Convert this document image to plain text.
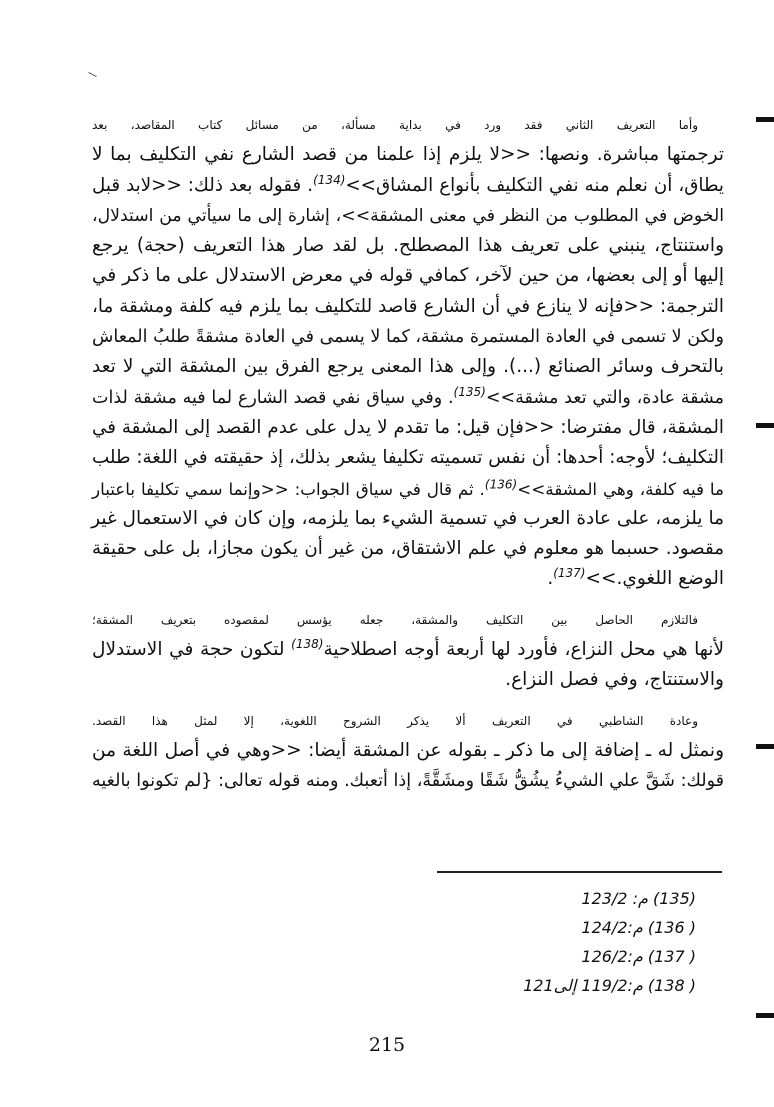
وأما التعريف الثاني فقد ورد في بداية مسألة، من مسائل كتاب المقاصد، بعد
ترجمتها مباشرة. ونصها: <<لا يلزم إذا علمنا من قصد الشارع نفي التكليف بما لا
يطاق، أن نعلم منه نفي التكليف بأنواع المشاق>>$^{(134)}$. فقوله بعد ذلك: <<لابد قبل
الخوض في المطلوب من النظر في معنى المشقة>>، إشارة إلى ما سيأتي من استدلال،
واستنتاج، ينبني على تعريف هذا المصطلح. بل لقد صار هذا التعريف (حجة) يرجع
إليها أو إلى بعضها، من حين لآخر، كمافي قوله في معرض الاستدلال على ما ذكر في
الترجمة: <<فإنه لا ينازع في أن الشارع قاصد للتكليف بما يلزم فيه كلفة ومشقة ما،
ولكن لا تسمى في العادة المستمرة مشقة، كما لا يسمى في العادة مشقةً طلبُ المعاش
بالتحرف وسائر الصنائع (...). وإلى هذا المعنى يرجع الفرق بين المشقة التي لا تعد
مشقة عادة، والتي تعد مشقة>>$^{(135)}$. وفي سياق نفي قصد الشارع لما فيه مشقة لذات
المشقة، قال مفترضا: <<فإن قيل: ما تقدم لا يدل على عدم القصد إلى المشقة في
التكليف؛ لأوجه: أحدها: أن نفس تسميته تكليفا يشعر بذلك، إذ حقيقته في اللغة: طلب
ما فيه كلفة، وهي المشقة>>$^{(136)}$. ثم قال في سياق الجواب: <<وإنما سمي تكليفا باعتبار
ما يلزمه، على عادة العرب في تسمية الشيء بما يلزمه، وإن كان في الاستعمال غير
مقصود. حسبما هو معلوم في علم الاشتقاق، من غير أن يكون مجازا، بل على حقيقة
الوضع اللغوي.>>$^{(137)}$.

فالتلازم الحاصل بين التكليف والمشقة، جعله يؤسس لمقصوده بتعريف المشقة؛
لأنها هي محل النزاع، فأورد لها أربعة أوجه اصطلاحية$^{(138)}$ لتكون حجة في الاستدلال
والاستنتاج، وفي فصل النزاع.

وعادة الشاطبي في التعريف ألا يذكر الشروح اللغوية، إلا لمثل هذا القصد.
ونمثل له ـ إضافة إلى ما ذكر ـ بقوله عن المشقة أيضا: <<وهي في أصل اللغة من
قولك: شَقَّ علي الشيءُ يشُقُّ شَقًا ومشَقَّةً، إذا أتعبك. ومنه قوله تعالى: {لم تكونوا بالغيه

(135) م: 123/2
( 136) م:124/2
( 137) م:126/2
( 138) م:119/2 إلى121
215
